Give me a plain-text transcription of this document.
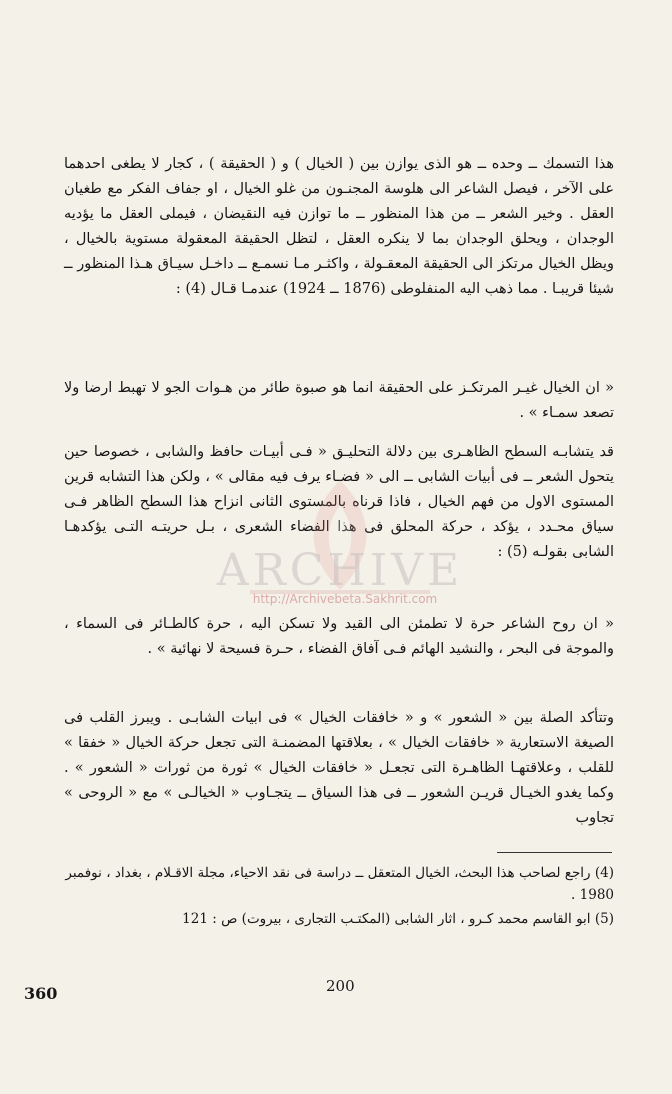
هذا التسمك ــ وحده ــ هو الذى يوازن بين ( الخيال ) و ( الحقيقة ) ، كجار لا يطغى احدهما على الآخر ، فيصل الشاعر الى هلوسة المجنـون من غلو الخيال ، او جفاف الفكر مع طغيان العقل . وخير الشعر ــ من هذا المنظور ــ ما توازن فيه النقيضان ، فيملى العقل ما يؤديه الوجدان ، ويحلق الوجدان بما لا ينكره العقل ، لتظل الحقيقة المعقولة مستوية بالخيال ، ويظل الخيال مرتكز الى الحقيقة المعقـولة ، واكثـر مـا نسمـع ــ داخـل سيـاق هـذا المنظور ــ شيئا قريبـا . مما ذهب اليه المنفلوطى (1876 ــ 1924) عندمـا قـال (4) :

« ان الخيال غيـر المرتكـز على الحقيقة انما هو صبوة طائر من هـوات الجو لا تهبط ارضا ولا تصعد سمـاء » .

قد يتشابـه السطح الظاهـرى بين دلالة التحليـق « فـى أبيـات حافظ والشابى ، خصوصا حين يتحول الشعر ــ فى أبيات الشابى ــ الى « فضـاء يرف فيه مقالى » ، ولكن هذا التشابه قرين المستوى الاول من فهم الخيال ، فاذا قرناه بالمستوى الثانى انزاح هذا السطح الظاهر فـى سياق محـدد ، يؤكد ، حركة المحلق فى هذا الفضاء الشعرى ، بـل حريتـه التـى يؤكدهـا الشابى بقولـه (5) :

« ان روح الشاعر حرة لا تطمئن الى القيد ولا تسكن اليه ، حرة كالطـائر فى السماء ، والموجة فى البحر ، والنشيد الهائم فـى آفاق الفضاء ، حـرة فسيحة لا نهائية » .

وتتأكد الصلة بين « الشعور » و « خافقات الخيال » فى ابيات الشابـى . ويبرز القلب فى الصيغة الاستعارية « خافقات الخيال » ، بعلاقتها المضمنـة التى تجعل حركة الخيال « خفقا » للقلب ، وعلاقتهـا الظاهـرة التى تجعـل « خافقات الخيال » ثورة من ثورات « الشعور » . وكما يغدو الخيـال قريـن الشعور ــ فى هذا السياق ــ يتجـاوب « الخيالـى » مع « الروحى » تجاوب

(4) راجع لصاحب هذا البحث، الخيال المتعقل ــ دراسة فى نقد الاحياء، مجلة الاقـلام ، بغداد ، نوفمبر 1980 .
(5) ابو القاسم محمد كـرو ، اثار الشابى (المكتـب التجارى ، بيروت) ص : 121
200
360
ARCHIVE
http://Archivebeta.Sakhrit.com
